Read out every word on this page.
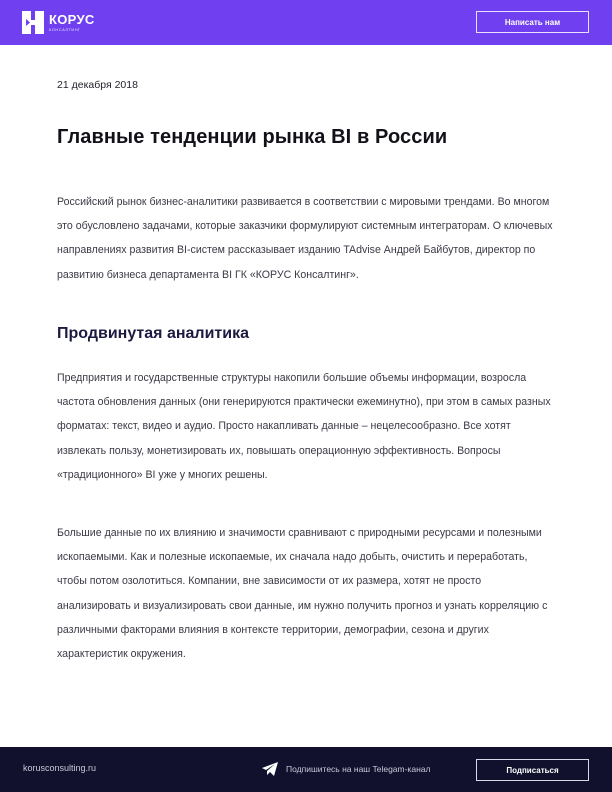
КОРУС
КОНСАЛТИНГ
Написать нам
21 декабря 2018
Главные тенденции рынка BI в России

Российский рынок бизнес-аналитики развивается в соответствии с мировыми трендами. Во многом это обусловлено задачами, которые заказчики формулируют системным интеграторам. О ключевых направлениях развития BI-систем рассказывает изданию TAdvise Андрей Байбутов, директор по развитию бизнеса департамента BI ГК «КОРУС Консалтинг».

Продвинутая аналитика

Предприятия и государственные структуры накопили большие объемы информации, возросла частота обновления данных (они генерируются практически ежеминутно), при этом в самых разных форматах: текст, видео и аудио. Просто накапливать данные – нецелесообразно. Все хотят извлекать пользу, монетизировать их, повышать операционную эффективность. Вопросы «традиционного» BI уже у многих решены.

Большие данные по их влиянию и значимости сравнивают с природными ресурсами и полезными ископаемыми. Как и полезные ископаемые, их сначала надо добыть, очистить и переработать, чтобы потом озолотиться. Компании, вне зависимости от их размера, хотят не просто анализировать и визуализировать свои данные, им нужно получить прогноз и узнать корреляцию с различными факторами влияния в контексте территории, демографии, сезона и других характеристик окружения.

korusconsulting.ru	Подпишитесь на наш Telegam-канал	Подписаться
